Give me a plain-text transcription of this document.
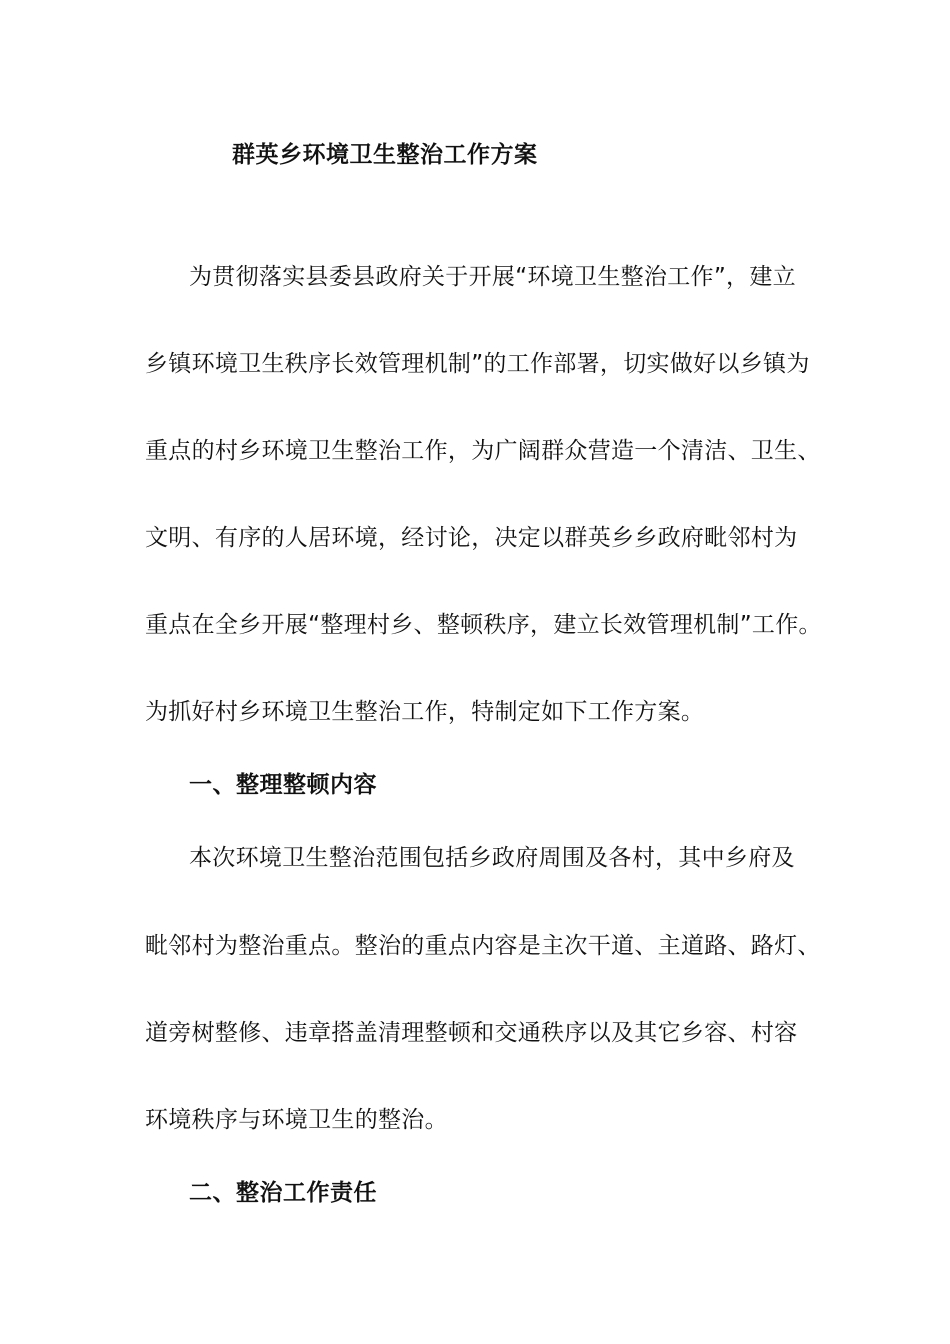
群英乡环境卫生整治工作方案
为贯彻落实县委县政府关于开展“环境卫生整治工作”，建立
乡镇环境卫生秩序长效管理机制”的工作部署，切实做好以乡镇为
重点的村乡环境卫生整治工作，为广阔群众营造一个清洁、卫生、
文明、有序的人居环境，经讨论，决定以群英乡乡政府毗邻村为
重点在全乡开展“整理村乡、整顿秩序，建立长效管理机制”工作。
为抓好村乡环境卫生整治工作，特制定如下工作方案。
一、整理整顿内容
本次环境卫生整治范围包括乡政府周围及各村，其中乡府及
毗邻村为整治重点。整治的重点内容是主次干道、主道路、路灯、
道旁树整修、违章搭盖清理整顿和交通秩序以及其它乡容、村容
环境秩序与环境卫生的整治。
二、整治工作责任
